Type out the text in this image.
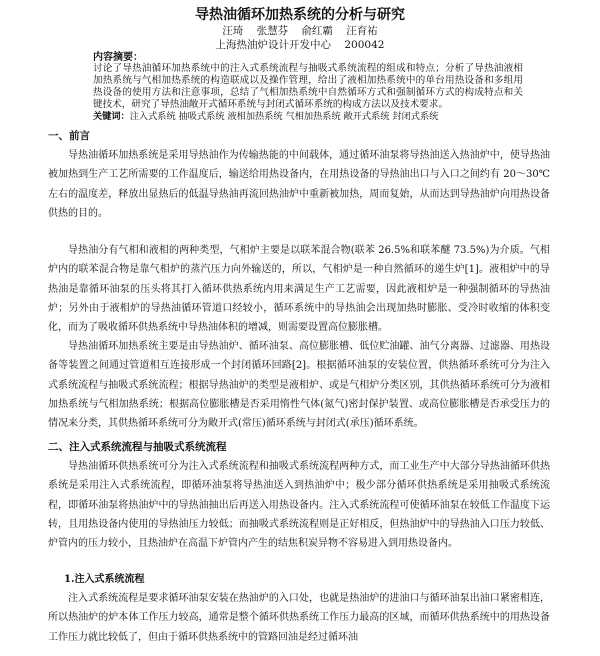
导热油循环加热系统的分析与研究
汪琦    张慧芬    俞红霸    汪育祐
上海热油炉设计开发中心    200042
内容摘要：
讨论了导热油循环加热系统中的注入式系统流程与抽吸式系统流程的组成和特点；分析了导热油液相加热系统与气相加热系统的构造联成以及操作管理，给出了液相加热系统中的单台用热设备和多组用热设备的使用方法和注意事项，总结了气相加热系统中自然循环方式和强制循环方式的构成特点和关键技术，研究了导热油敞开式循环系统与封闭式循环系统的构成方法以及技术要求。
关键词：注入式系统 抽吸式系统 液相加热系统 气相加热系统 敞开式系统 封闭式系统
一、前言
导热油循环加热系统是采用导热油作为传输热能的中间载体，通过循环油泵将导热油送入热油炉中，使导热油被加热到生产工艺所需要的工作温度后，输送给用热设备内，在用热设备的导热油出口与入口之间约有 20～30℃左右的温度差，释放出显热后的低温导热油再流回热油炉中重新被加热，周而复始，从而达到导热油炉向用热设备供热的目的。
导热油分有气相和液相的两种类型，气相炉主要是以联苯混合物(联苯 26.5%和联苯醚 73.5%)为介质。气相炉内的联苯混合物是靠气相炉的蒸汽压力向外输送的，所以，气相炉是一种自然循环的递生炉[1]。液相炉中的导热油是靠循环油泵的压头将其打入循环供热系统内用来满足生产工艺需要，因此液相炉是一种强制循环的导热油炉；另外由于液相炉的导热油循环管道口经较小，循环系统中的导热油会出现加热时膨胀、受冷时收缩的体积变化，而为了吸收循环供热系统中导热油体积的增减，则需要设置高位膨胀槽。
导热油循环加热系统主要是由导热油炉、循环油泵、高位膨胀槽、低位贮油罐、油气分离器、过滤器、用热设备等装置之间通过管道相互连接形成一个封闭循环回路[2]。根据循环油泵的安装位置，供热循环系统可分为注入式系统流程与抽吸式系统流程；根据导热油炉的类型是液相炉、或是气相炉分类区别，其供热循环系统可分为液相加热系统与气相加热系统；根据高位膨胀槽是否采用惰性气体(氮气)密封保护装置、或高位膨胀槽是否承受压力的情况来分类，其供热循环系统可分为敞开式(常压)循环系统与封闭式(承压)循环系统。
二、注入式系统流程与抽吸式系统流程
导热油循环供热系统可分为注入式系统流程和抽吸式系统流程两种方式，而工业生产中大部分导热油循环供热系统是采用注入式系统流程，即循环油泵将导热油送入到热油炉中；极少部分循环供热系统是采用抽吸式系统流程，即循环油泵将热油炉中的导热油抽出后再送入用热设备内。注入式系统流程可使循环油泵在较低工作温度下运转，且用热设备内使用的导热油压力较低；而抽吸式系统流程则是正好相反，但热油炉中的导热油入口压力较低、炉管内的压力较小，且热油炉在高温下炉管内产生的结焦积炭异物不容易进入到用热设备内。
1.注入式系统流程
注入式系统流程是要求循环油泵安装在热油炉的入口处，也就是热油炉的进油口与循环油泵出油口紧密相连，所以热油炉的炉本体工作压力较高，通常是整个循环供热系统工作压力最高的区域，而循环供热系统中的用热设备工作压力就比较低了，但由于循环供热系统中的管路回油是经过循环油
